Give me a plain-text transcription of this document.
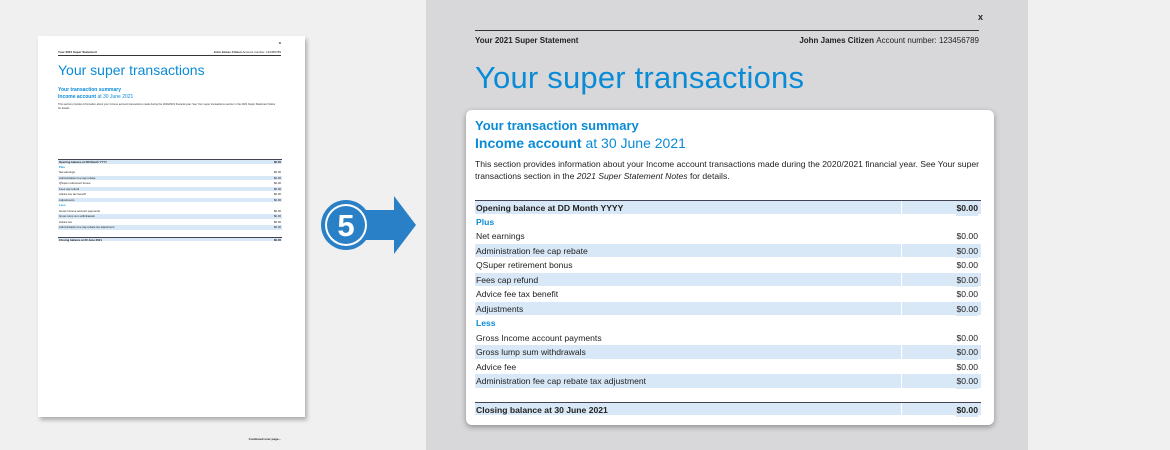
x
Your 2021 Super Statement	John James Citizen Account number: 123456789
Your super transactions
Your transaction summary
Income account at 30 June 2021
This section provides information about your Income account transactions made during the 2020/2021 financial year. See Your super transactions section in the 2021 Super Statement Notes for details.
Opening balance at DD Month YYYY	$0.00
Plus
Net earnings	$0.00
Administration fee cap rebate	$0.00
QSuper retirement bonus	$0.00
Fees cap refund	$0.00
Advice fee tax benefit	$0.00
Adjustments	$0.00
Less
Gross Income account payments	$0.00
Gross lump sum withdrawals	$0.00
Advice fee	$0.00
Administration fee cap rebate tax adjustment	$0.00
Closing balance at 30 June 2021	$0.00
Continued over page...
5
x
Your 2021 Super Statement	John James Citizen Account number: 123456789
Your super transactions
Your transaction summary
Income account at 30 June 2021
This section provides information about your Income account transactions made during the 2020/2021 financial year. See Your super transactions section in the 2021 Super Statement Notes for details.
Opening balance at DD Month YYYY	$0.00
Plus
Net earnings	$0.00
Administration fee cap rebate	$0.00
QSuper retirement bonus	$0.00
Fees cap refund	$0.00
Advice fee tax benefit	$0.00
Adjustments	$0.00
Less
Gross Income account payments	$0.00
Gross lump sum withdrawals	$0.00
Advice fee	$0.00
Administration fee cap rebate tax adjustment	$0.00
Closing balance at 30 June 2021	$0.00
